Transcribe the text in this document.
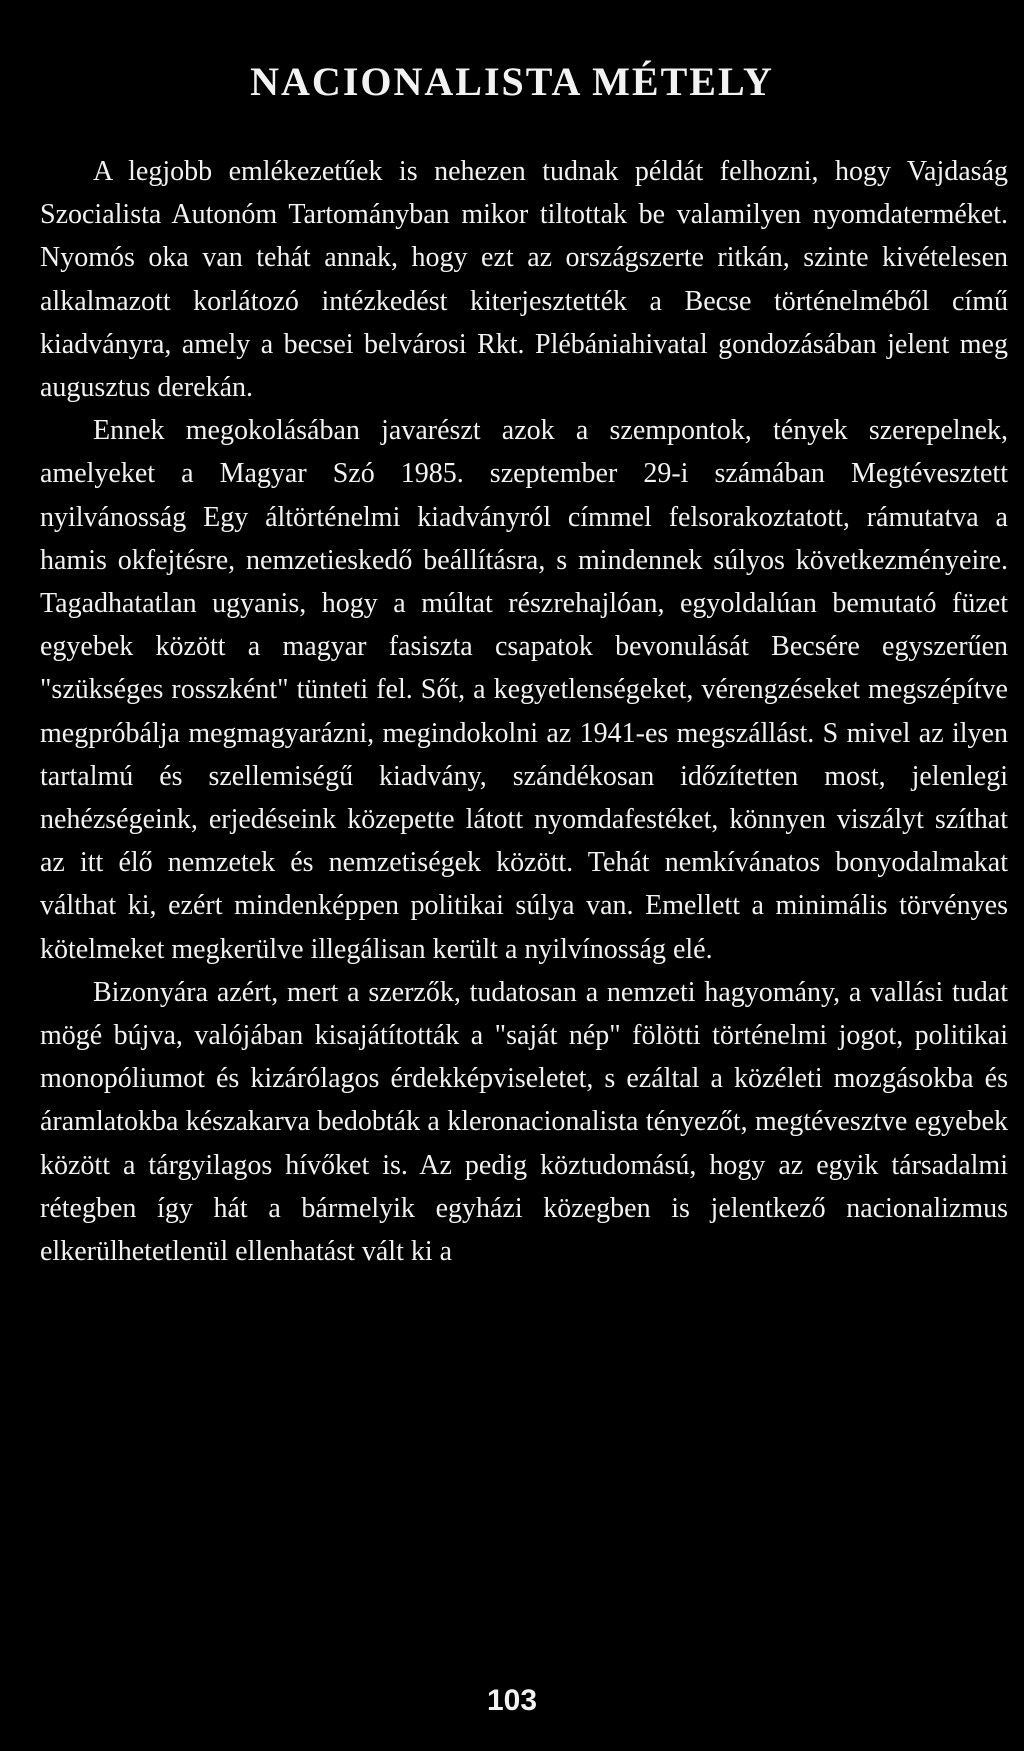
NACIONALISTA MÉTELY

A legjobb emlékezetűek is nehezen tudnak példát felhozni, hogy Vajdaság Szocialista Autonóm Tartományban mikor tiltottak be valamilyen nyomdaterméket. Nyomós oka van tehát annak, hogy ezt az országszerte ritkán, szinte kivételesen alkalmazott korlátozó intézkedést kiterjesztették a Becse történelméből című kiadványra, amely a becsei belvárosi Rkt. Plébániahivatal gondozásában jelent meg augusztus derekán.

Ennek megokolásában javarészt azok a szempontok, tények szerepelnek, amelyeket a Magyar Szó 1985. szeptember 29-i számában Megtévesztett nyilvánosság Egy áltörténelmi kiadványról címmel felsorakoztatott, rámutatva a hamis okfejtésre, nemzetieskedő beállításra, s mindennek súlyos következményeire. Tagadhatatlan ugyanis, hogy a múltat részrehajlóan, egyoldalúan bemutató füzet egyebek között a magyar fasiszta csapatok bevonulását Becsére egyszerűen "szükséges rosszként" tünteti fel. Sőt, a kegyetlenségeket, vérengzéseket megszépítve megpróbálja megmagyarázni, megindokolni az 1941-es megszállást. S mivel az ilyen tartalmú és szellemiségű kiadvány, szándékosan időzítetten most, jelenlegi nehézségeink, erjedéseink közepette látott nyomdafestéket, könnyen viszályt szíthat az itt élő nemzetek és nemzetiségek között. Tehát nemkívánatos bonyodalmakat válthat ki, ezért mindenképpen politikai súlya van. Emellett a minimális törvényes kötelmeket megkerülve illegálisan került a nyilvínosság elé.

Bizonyára azért, mert a szerzők, tudatosan a nemzeti hagyomány, a vallási tudat mögé bújva, valójában kisajátították a "saját nép" fölötti történelmi jogot, politikai monopóliumot és kizárólagos érdekképviseletet, s ezáltal a közéleti mozgásokba és áramlatokba készakarva bedobták a kleronacionalista tényezőt, megtévesztve egyebek között a tárgyilagos hívőket is. Az pedig köztudomású, hogy az egyik társadalmi rétegben így hát a bármelyik egyházi közegben is jelentkező nacionalizmus elkerülhetetlenül ellenhatást vált ki a

103
